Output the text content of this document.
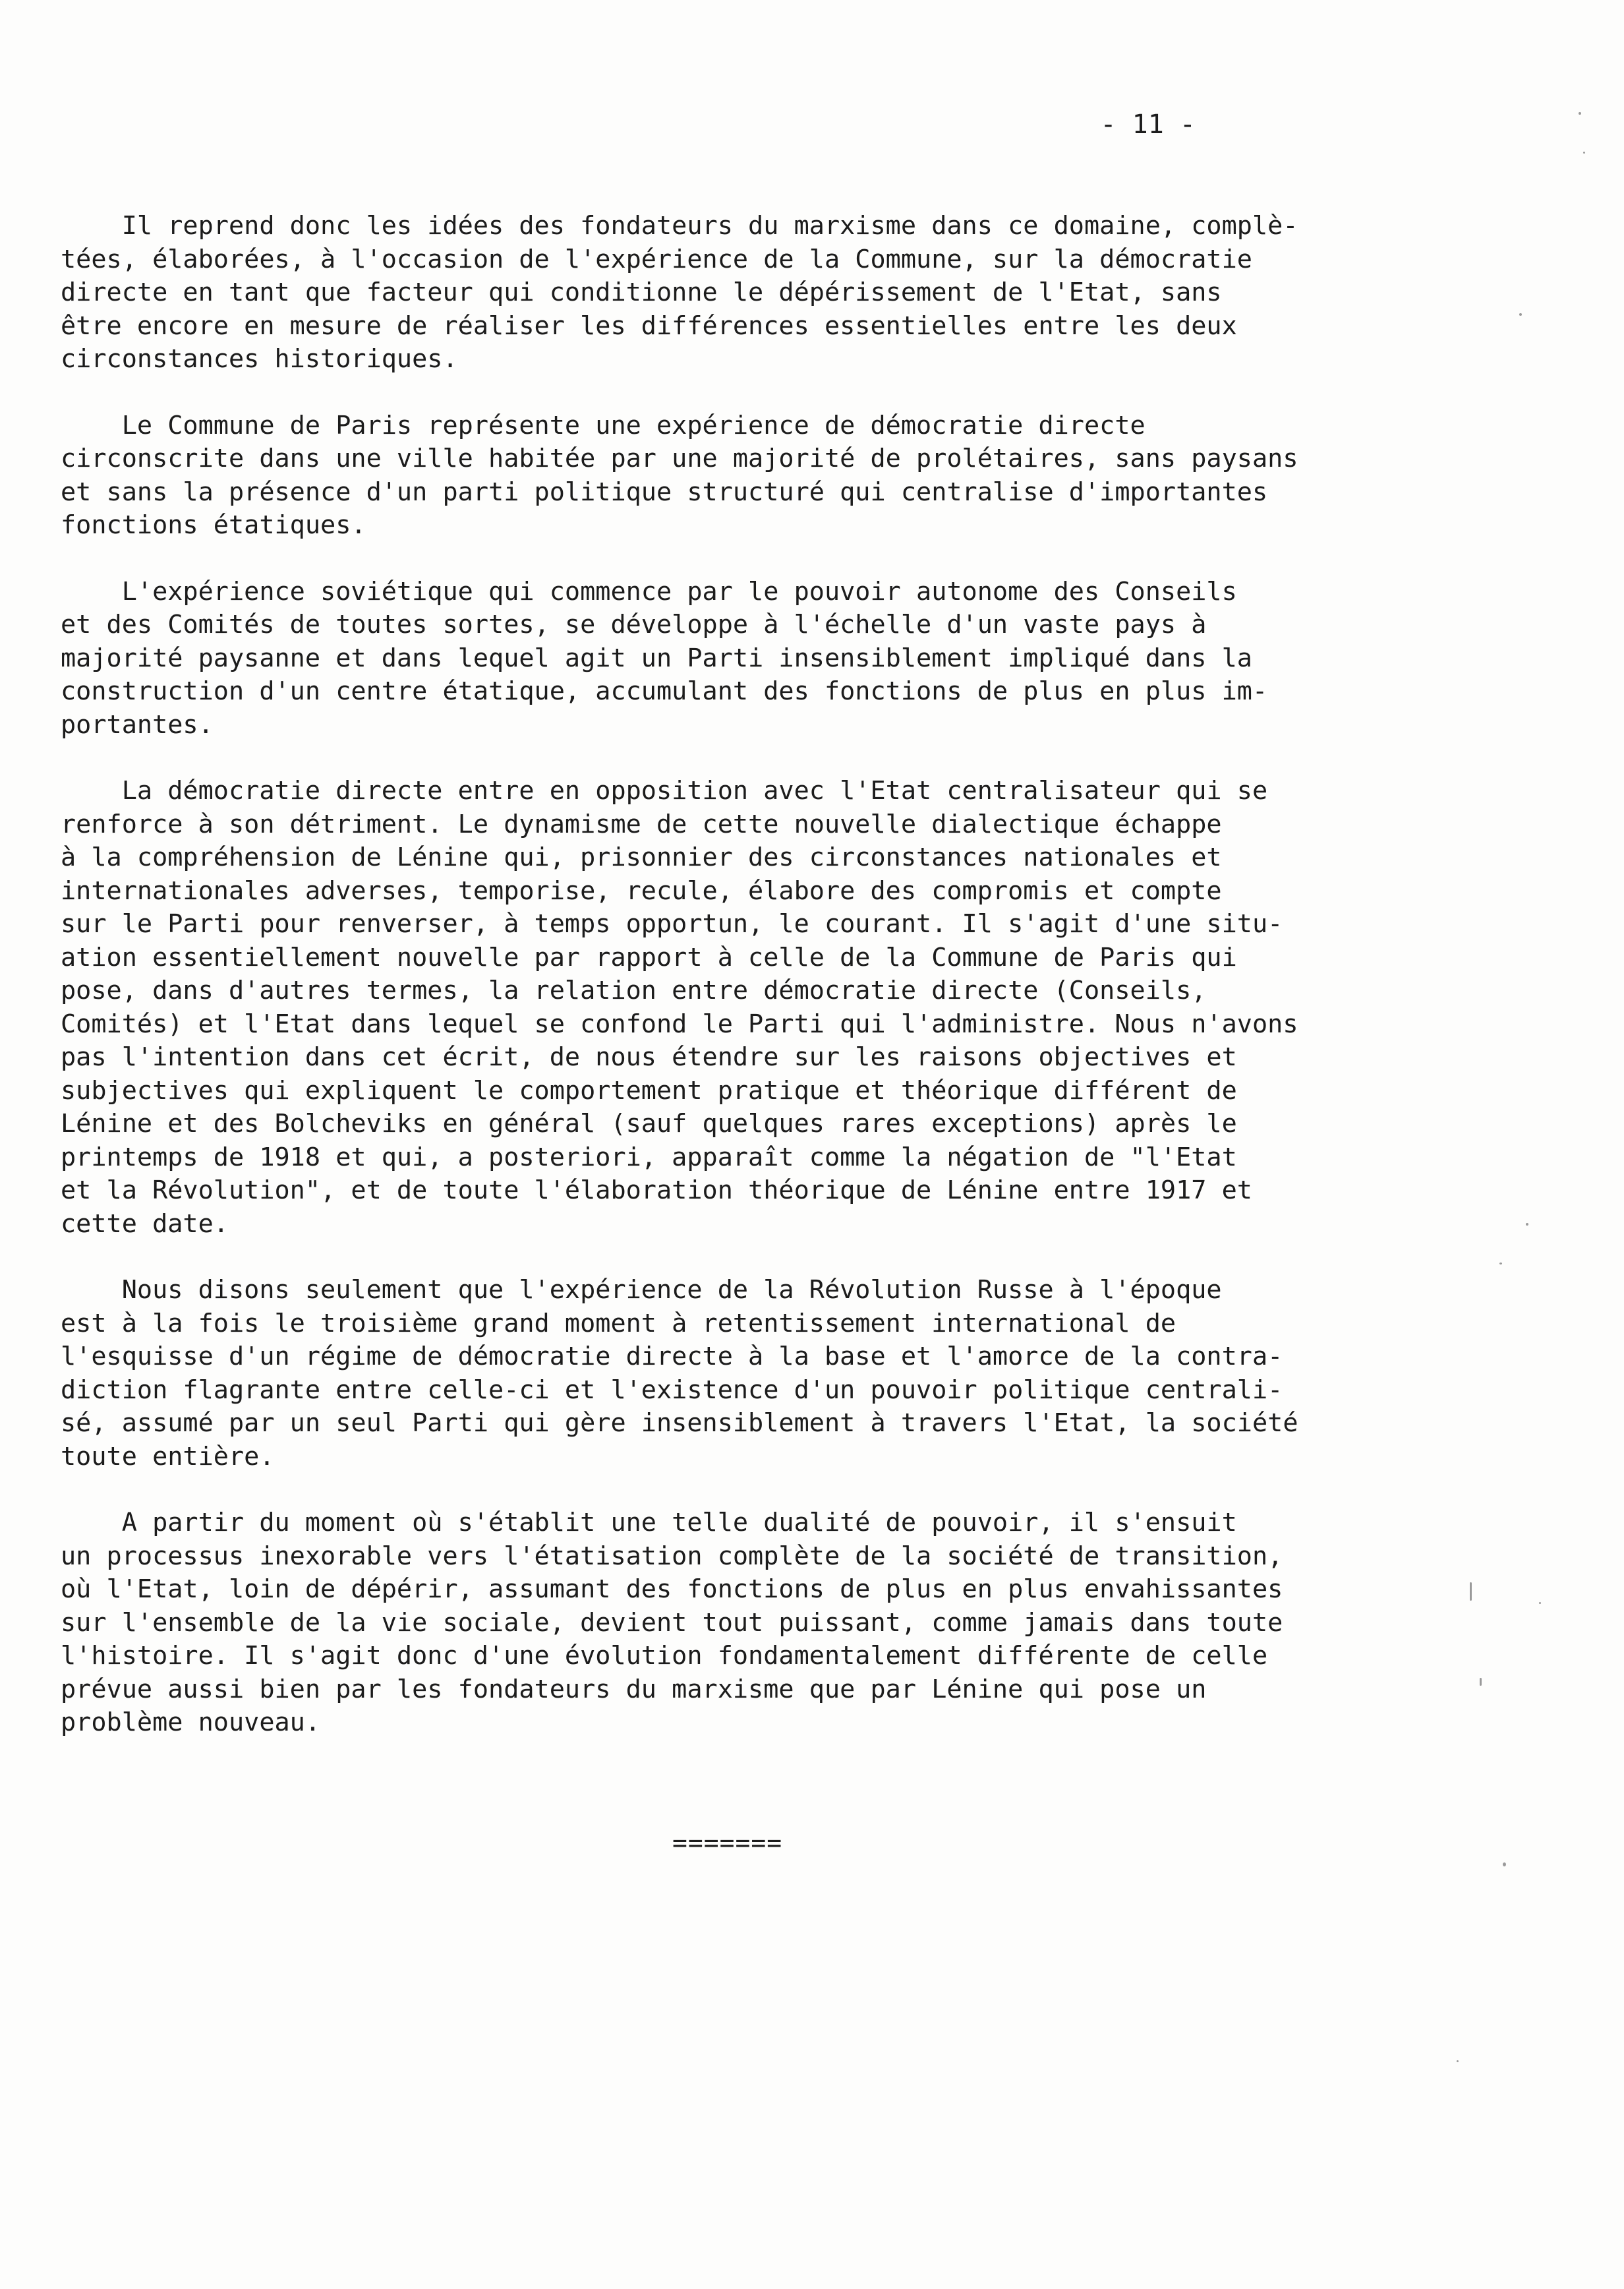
- 11 -
Il reprend donc les idées des fondateurs du marxisme dans ce domaine, complè-
tées, élaborées, à l'occasion de l'expérience de la Commune, sur la démocratie
directe en tant que facteur qui conditionne le dépérissement de l'Etat, sans
être encore en mesure de réaliser les différences essentielles entre les deux
circonstances historiques.
Le Commune de Paris représente une expérience de démocratie directe
circonscrite dans une ville habitée par une majorité de prolétaires, sans paysans
et sans la présence d'un parti politique structuré qui centralise d'importantes
fonctions étatiques.
L'expérience soviétique qui commence par le pouvoir autonome des Conseils
et des Comités de toutes sortes, se développe à l'échelle d'un vaste pays à
majorité paysanne et dans lequel agit un Parti insensiblement impliqué dans la
construction d'un centre étatique, accumulant des fonctions de plus en plus im-
portantes.
La démocratie directe entre en opposition avec l'Etat centralisateur qui se
renforce à son détriment. Le dynamisme de cette nouvelle dialectique échappe
à la compréhension de Lénine qui, prisonnier des circonstances nationales et
internationales adverses, temporise, recule, élabore des compromis et compte
sur le Parti pour renverser, à temps opportun, le courant. Il s'agit d'une situ-
ation essentiellement nouvelle par rapport à celle de la Commune de Paris qui
pose, dans d'autres termes, la relation entre démocratie directe (Conseils,
Comités) et l'Etat dans lequel se confond le Parti qui l'administre. Nous n'avons
pas l'intention dans cet écrit, de nous étendre sur les raisons objectives et
subjectives qui expliquent le comportement pratique et théorique différent de
Lénine et des Bolcheviks en général (sauf quelques rares exceptions) après le
printemps de 1918 et qui, a posteriori, apparaît comme la négation de "l'Etat
et la Révolution", et de toute l'élaboration théorique de Lénine entre 1917 et
cette date.
Nous disons seulement que l'expérience de la Révolution Russe à l'époque
est à la fois le troisième grand moment à retentissement international de
l'esquisse d'un régime de démocratie directe à la base et l'amorce de la contra-
diction flagrante entre celle-ci et l'existence d'un pouvoir politique centrali-
sé, assumé par un seul Parti qui gère insensiblement à travers l'Etat, la société
toute entière.
A partir du moment où s'établit une telle dualité de pouvoir, il s'ensuit
un processus inexorable vers l'étatisation complète de la société de transition,
où l'Etat, loin de dépérir, assumant des fonctions de plus en plus envahissantes
sur l'ensemble de la vie sociale, devient tout puissant, comme jamais dans toute
l'histoire. Il s'agit donc d'une évolution fondamentalement différente de celle
prévue aussi bien par les fondateurs du marxisme que par Lénine qui pose un
problème nouveau.
=======
